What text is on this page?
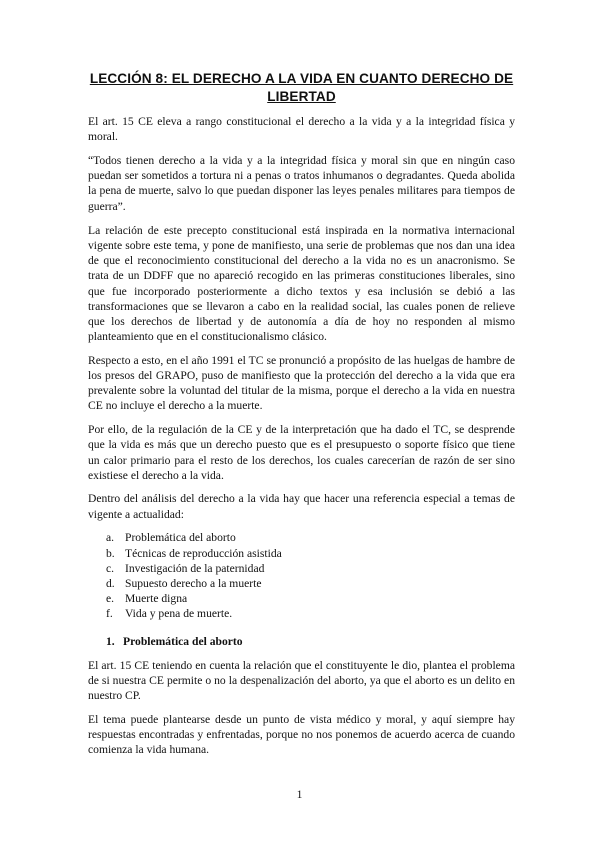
LECCIÓN 8: EL DERECHO A LA VIDA EN CUANTO DERECHO DE LIBERTAD

El art. 15 CE eleva a rango constitucional el derecho a la vida y a la integridad física y moral.

“Todos tienen derecho a la vida y a la integridad física y moral sin que en ningún caso puedan ser sometidos a tortura ni a penas o tratos inhumanos o degradantes. Queda abolida la pena de muerte, salvo lo que puedan disponer las leyes penales militares para tiempos de guerra”.

La relación de este precepto constitucional está inspirada en la normativa internacional vigente sobre este tema, y pone de manifiesto, una serie de problemas que nos dan una idea de que el reconocimiento constitucional del derecho a la vida no es un anacronismo. Se trata de un DDFF que no apareció recogido en las primeras constituciones liberales, sino que fue incorporado posteriormente a dicho textos y esa inclusión se debió a las transformaciones que se llevaron a cabo en la realidad social, las cuales ponen de relieve que los derechos de libertad y de autonomía a día de hoy no responden al mismo planteamiento que en el constitucionalismo clásico.

Respecto a esto, en el año 1991 el TC se pronunció a propósito de las huelgas de hambre de los presos del GRAPO, puso de manifiesto que la protección del derecho a la vida que era prevalente sobre la voluntad del titular de la misma, porque el derecho a la vida en nuestra CE no incluye el derecho a la muerte.

Por ello, de la regulación de la CE y de la interpretación que ha dado el TC, se desprende que la vida es más que un derecho puesto que es el presupuesto o soporte físico que tiene un calor primario para el resto de los derechos, los cuales carecerían de razón de ser sino existiese el derecho a la vida.

Dentro del análisis del derecho a la vida hay que hacer una referencia especial a temas de vigente a actualidad:

a. Problemática del aborto
b. Técnicas de reproducción asistida
c. Investigación de la paternidad
d. Supuesto derecho a la muerte
e. Muerte digna
f.	Vida y pena de muerte.
1. Problemática del aborto

El art. 15 CE teniendo en cuenta la relación que el constituyente le dio, plantea el problema de si nuestra CE permite o no la despenalización del aborto, ya que el aborto es un delito en nuestro CP.

El tema puede plantearse desde un punto de vista médico y moral, y aquí siempre hay respuestas encontradas y enfrentadas, porque no nos ponemos de acuerdo acerca de cuando comienza la vida humana.

1
